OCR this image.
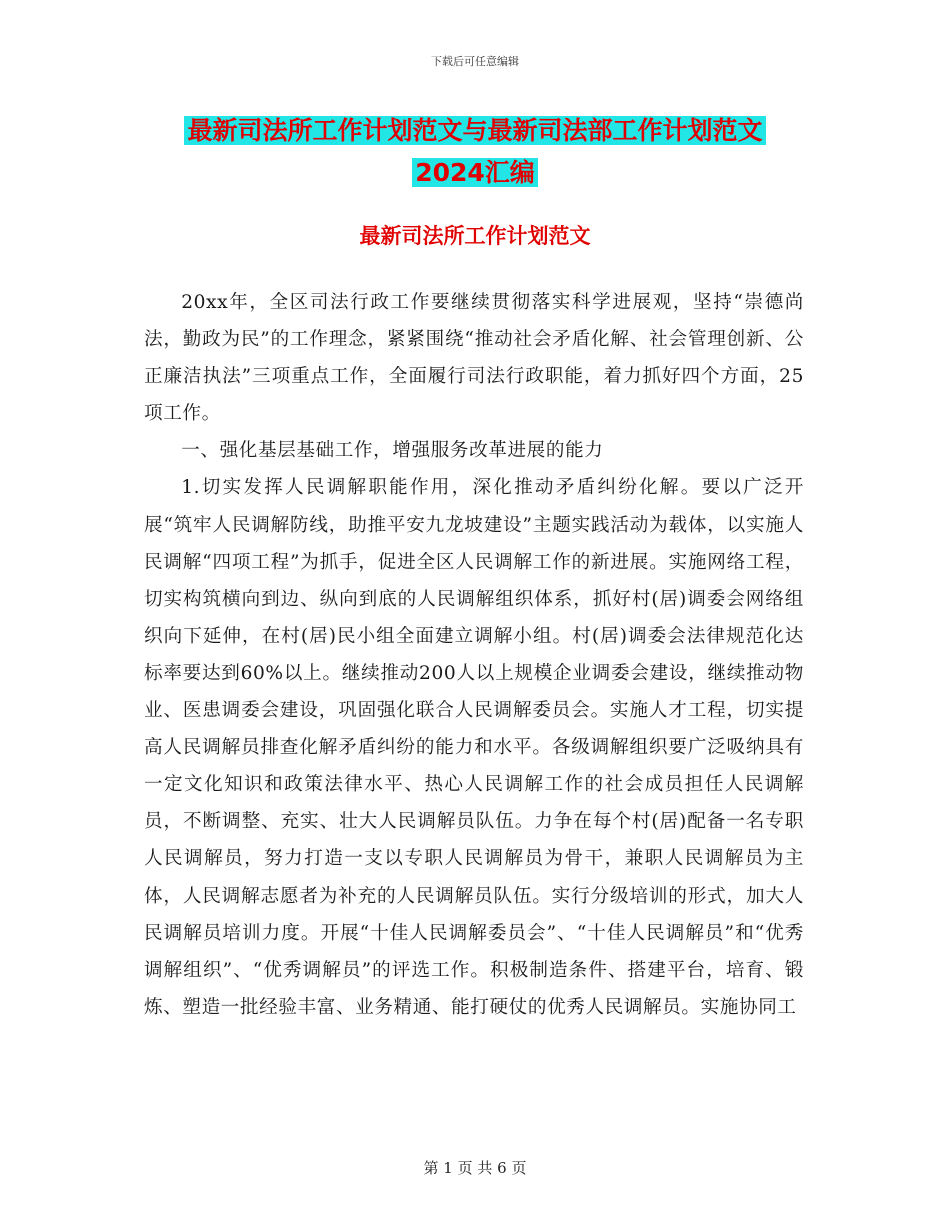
下载后可任意编辑
最新司法所工作计划范文与最新司法部工作计划范文
2024汇编
最新司法所工作计划范文

20xx年，全区司法行政工作要继续贯彻落实科学进展观，坚持“崇德尚法，勤政为民”的工作理念，紧紧围绕“推动社会矛盾化解、社会管理创新、公正廉洁执法”三项重点工作，全面履行司法行政职能，着力抓好四个方面，25项工作。

一、强化基层基础工作，增强服务改革进展的能力

1.切实发挥人民调解职能作用，深化推动矛盾纠纷化解。要以广泛开展“筑牢人民调解防线，助推平安九龙坡建设”主题实践活动为载体，以实施人民调解“四项工程”为抓手，促进全区人民调解工作的新进展。实施网络工程，切实构筑横向到边、纵向到底的人民调解组织体系，抓好村(居)调委会网络组织向下延伸，在村(居)民小组全面建立调解小组。村(居)调委会法律规范化达标率要达到60%以上。继续推动200人以上规模企业调委会建设，继续推动物业、医患调委会建设，巩固强化联合人民调解委员会。实施人才工程，切实提高人民调解员排查化解矛盾纠纷的能力和水平。各级调解组织要广泛吸纳具有一定文化知识和政策法律水平、热心人民调解工作的社会成员担任人民调解员，不断调整、充实、壮大人民调解员队伍。力争在每个村(居)配备一名专职人民调解员，努力打造一支以专职人民调解员为骨干，兼职人民调解员为主体，人民调解志愿者为补充的人民调解员队伍。实行分级培训的形式，加大人民调解员培训力度。开展“十佳人民调解委员会”、“十佳人民调解员”和“优秀调解组织”、“优秀调解员”的评选工作。积极制造条件、搭建平台，培育、锻炼、塑造一批经验丰富、业务精通、能打硬仗的优秀人民调解员。实施协同工

第 1 页 共 6 页
